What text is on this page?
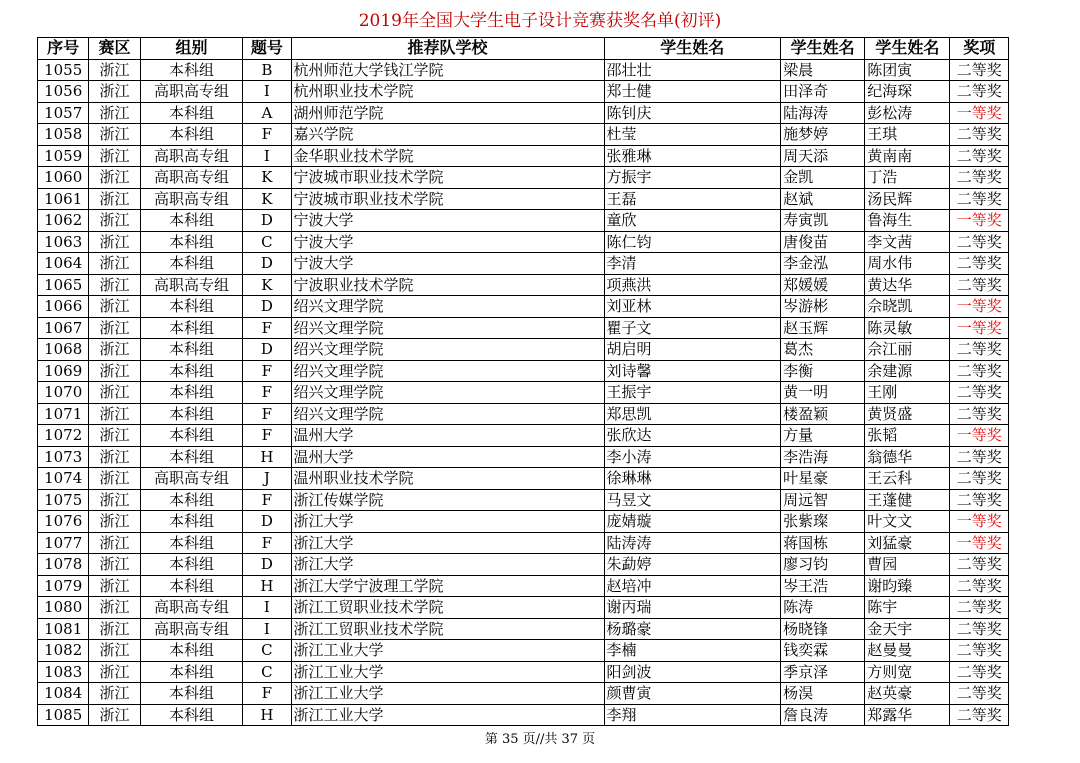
2019年全国大学生电子设计竞赛获奖名单(初评)
序号	赛区	组别	题号	推荐队学校	学生姓名	学生姓名	学生姓名	奖项
1055	浙江	本科组	B	杭州师范大学钱江学院	邵壮壮	梁晨	陈团寅	二等奖
1056	浙江	高职高专组	I	杭州职业技术学院	郑士健	田泽奇	纪海琛	二等奖
1057	浙江	本科组	A	湖州师范学院	陈钊庆	陆海涛	彭松涛	一等奖
1058	浙江	本科组	F	嘉兴学院	杜莹	施梦婷	王琪	二等奖
1059	浙江	高职高专组	I	金华职业技术学院	张雅琳	周天添	黄南南	二等奖
1060	浙江	高职高专组	K	宁波城市职业技术学院	方振宇	金凯	丁浩	二等奖
1061	浙江	高职高专组	K	宁波城市职业技术学院	王磊	赵斌	汤民辉	二等奖
1062	浙江	本科组	D	宁波大学	童欣	寿寅凯	鲁海生	一等奖
1063	浙江	本科组	C	宁波大学	陈仁钧	唐俊苗	李文茜	二等奖
1064	浙江	本科组	D	宁波大学	李清	李金泓	周水伟	二等奖
1065	浙江	高职高专组	K	宁波职业技术学院	项燕洪	郑媛媛	黄达华	二等奖
1066	浙江	本科组	D	绍兴文理学院	刘亚林	岑游彬	佘晓凯	一等奖
1067	浙江	本科组	F	绍兴文理学院	瞿子文	赵玉辉	陈灵敏	一等奖
1068	浙江	本科组	D	绍兴文理学院	胡启明	葛杰	佘江丽	二等奖
1069	浙江	本科组	F	绍兴文理学院	刘诗馨	李衡	余建源	二等奖
1070	浙江	本科组	F	绍兴文理学院	王振宇	黄一明	王刚	二等奖
1071	浙江	本科组	F	绍兴文理学院	郑思凯	楼盈颖	黄贤盛	二等奖
1072	浙江	本科组	F	温州大学	张欣达	方量	张韬	一等奖
1073	浙江	本科组	H	温州大学	李小涛	李浩海	翁德华	二等奖
1074	浙江	高职高专组	J	温州职业技术学院	徐琳琳	叶星豪	王云科	二等奖
1075	浙江	本科组	F	浙江传媒学院	马昱文	周远智	王蓬健	二等奖
1076	浙江	本科组	D	浙江大学	庞婧璇	张紫璨	叶文文	一等奖
1077	浙江	本科组	F	浙江大学	陆涛涛	蒋国栋	刘猛豪	一等奖
1078	浙江	本科组	D	浙江大学	朱勐婷	廖习钧	曹园	二等奖
1079	浙江	本科组	H	浙江大学宁波理工学院	赵培冲	岑王浩	谢昀臻	二等奖
1080	浙江	高职高专组	I	浙江工贸职业技术学院	谢丙瑞	陈涛	陈宇	二等奖
1081	浙江	高职高专组	I	浙江工贸职业技术学院	杨璐豪	杨晓锋	金天宇	二等奖
1082	浙江	本科组	C	浙江工业大学	李楠	钱奕霖	赵曼曼	二等奖
1083	浙江	本科组	C	浙江工业大学	阳剑波	季京泽	方则宽	二等奖
1084	浙江	本科组	F	浙江工业大学	颜曹寅	杨淏	赵英豪	二等奖
1085	浙江	本科组	H	浙江工业大学	李翔	詹良涛	郑露华	二等奖
第 35 页//共 37 页
